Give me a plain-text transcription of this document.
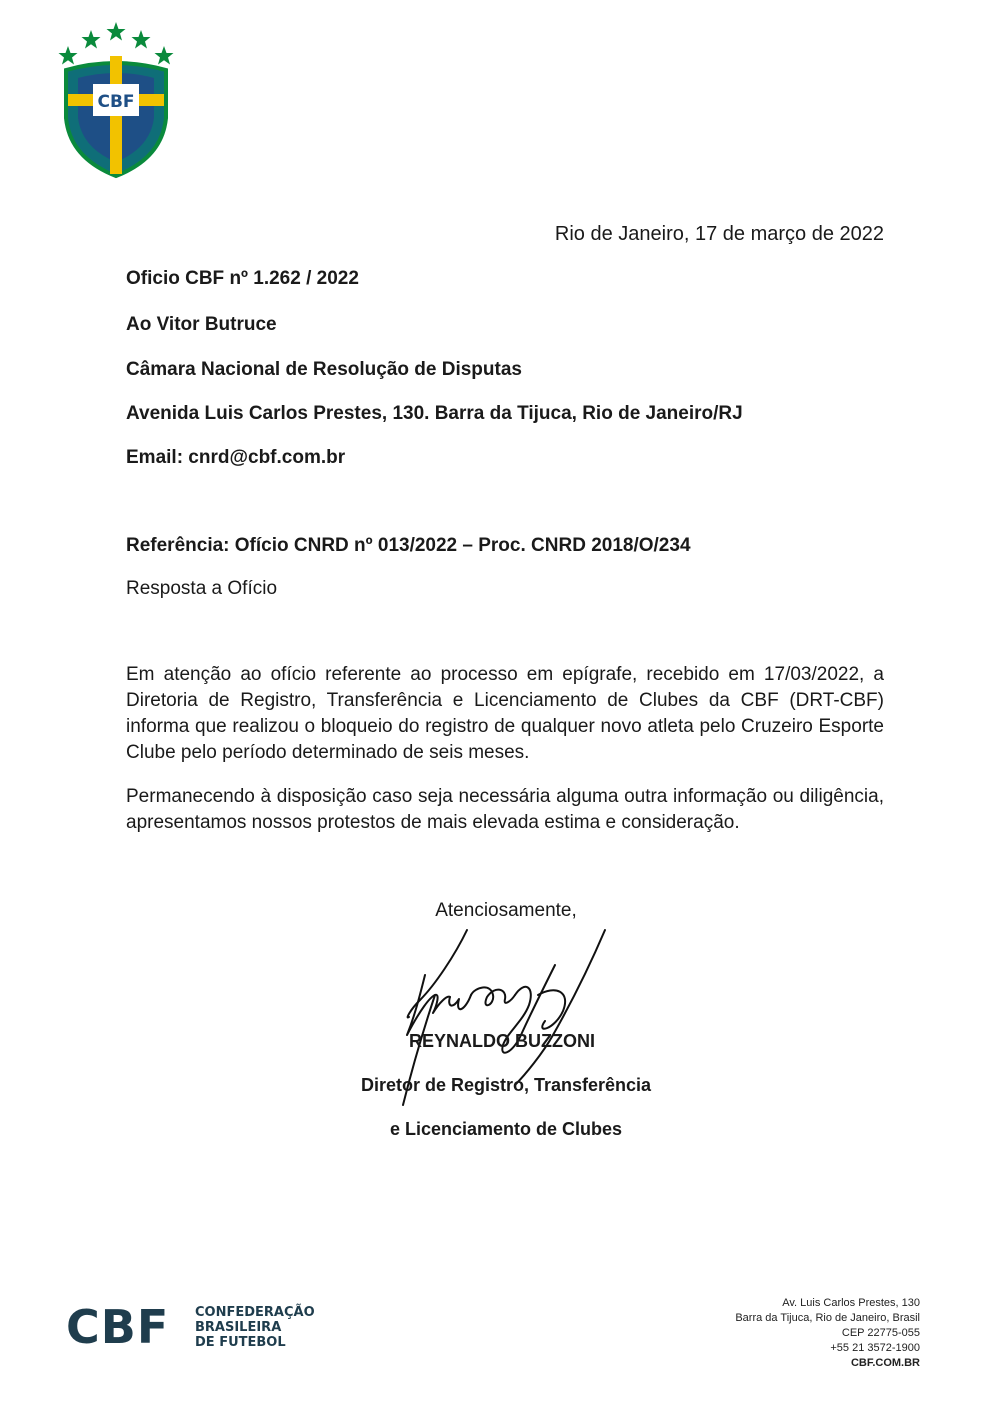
CBF
Rio de Janeiro, 17 de março de 2022
Oficio CBF nº 1.262 / 2022
Ao Vitor Butruce
Câmara Nacional de Resolução de Disputas
Avenida Luis Carlos Prestes, 130. Barra da Tijuca, Rio de Janeiro/RJ
Email: cnrd@cbf.com.br
Referência: Ofício CNRD nº 013/2022 – Proc. CNRD 2018/O/234
Resposta a Ofício

Em atenção ao ofício referente ao processo em epígrafe, recebido em 17/03/2022, a Diretoria de Registro, Transferência e Licenciamento de Clubes da CBF (DRT-CBF) informa que realizou o bloqueio do registro de qualquer novo atleta pelo Cruzeiro Esporte Clube pelo período determinado de seis meses.

Permanecendo à disposição caso seja necessária alguma outra informação ou diligência, apresentamos nossos protestos de mais elevada estima e consideração.

Atenciosamente,
REYNALDO BUZZONI
Diretor de Registro, Transferência
e Licenciamento de Clubes
CBF CONFEDERAÇÃO
BRASILEIRA
DE FUTEBOL
Av. Luis Carlos Prestes, 130
Barra da Tijuca, Rio de Janeiro, Brasil
CEP 22775-055
+55 21 3572-1900
CBF.COM.BR
